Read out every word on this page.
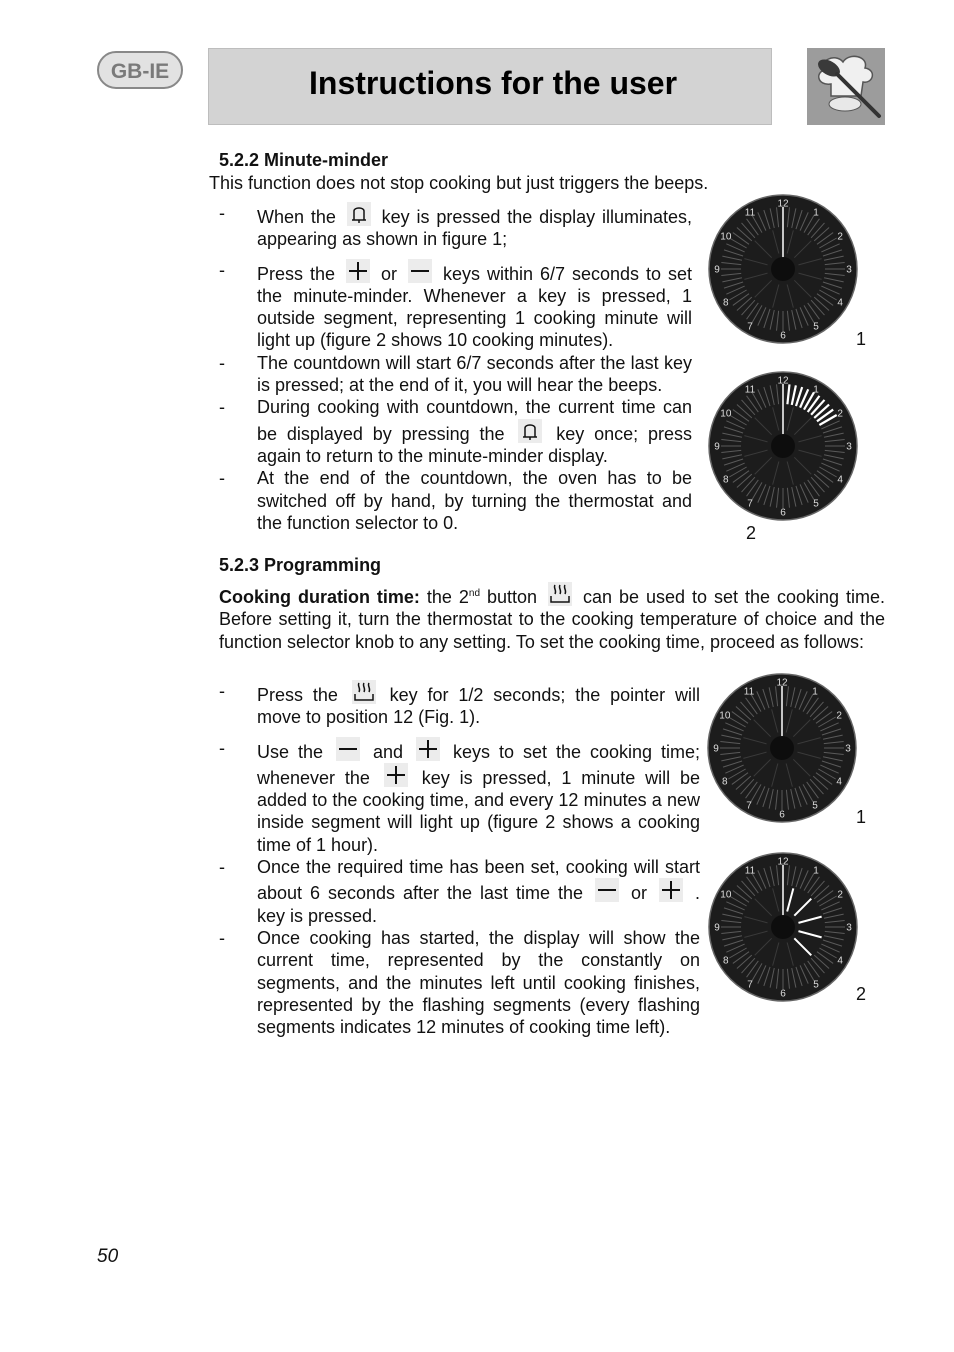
GB-IE	Instructions for the user
5.2.2 Minute-minder
This function does not stop cooking but just triggers the beeps.
- When the	key is pressed the display illuminates, appearing as shown in figure 1;
- Press the	or	keys within 6/7 seconds to set the minute-minder. Whenever a key is pressed, 1 outside segment, representing 1 cooking minute will light up (figure 2 shows 10 cooking minutes).
- The countdown will start 6/7 seconds after the last key is pressed; at the end of it, you will hear the beeps.
- During cooking with countdown, the current time can be displayed by pressing the	key once; press again to return to the minute-minder display.
- At the end of the countdown, the oven has to be switched off by hand, by turning the thermostat and the function selector to 0.
12
1
2
3
4
5
6
7
8
9
10
11
1
12
1
2
3
4
5
6
7
8
9
10
11
2
5.2.3 Programming
Cooking duration time: the 2nd button	can be used to set the cooking time. Before setting it, turn the thermostat to the cooking temperature of choice and the function selector knob to any setting. To set the cooking time, proceed as follows:
- Press the	key for 1/2 seconds; the pointer will move to position 12 (Fig. 1).
- Use the	and	keys to set the cooking time; whenever the	key is pressed, 1 minute will be added to the cooking time, and every 12 minutes a new inside segment will light up (figure 2 shows a cooking time of 1 hour).
- Once the required time has been set, cooking will start about 6 seconds after the last time the	or	. key is pressed.
- Once cooking has started, the display will show the current time, represented by the constantly on segments, and the minutes left until cooking finishes, represented by the flashing segments (every flashing segments indicates 12 minutes of cooking time left).
12
1
2
3
4
5
6
7
8
9
10
11
1
12
1
2
3
4
5
6
7
8
9
10
11
2
50
